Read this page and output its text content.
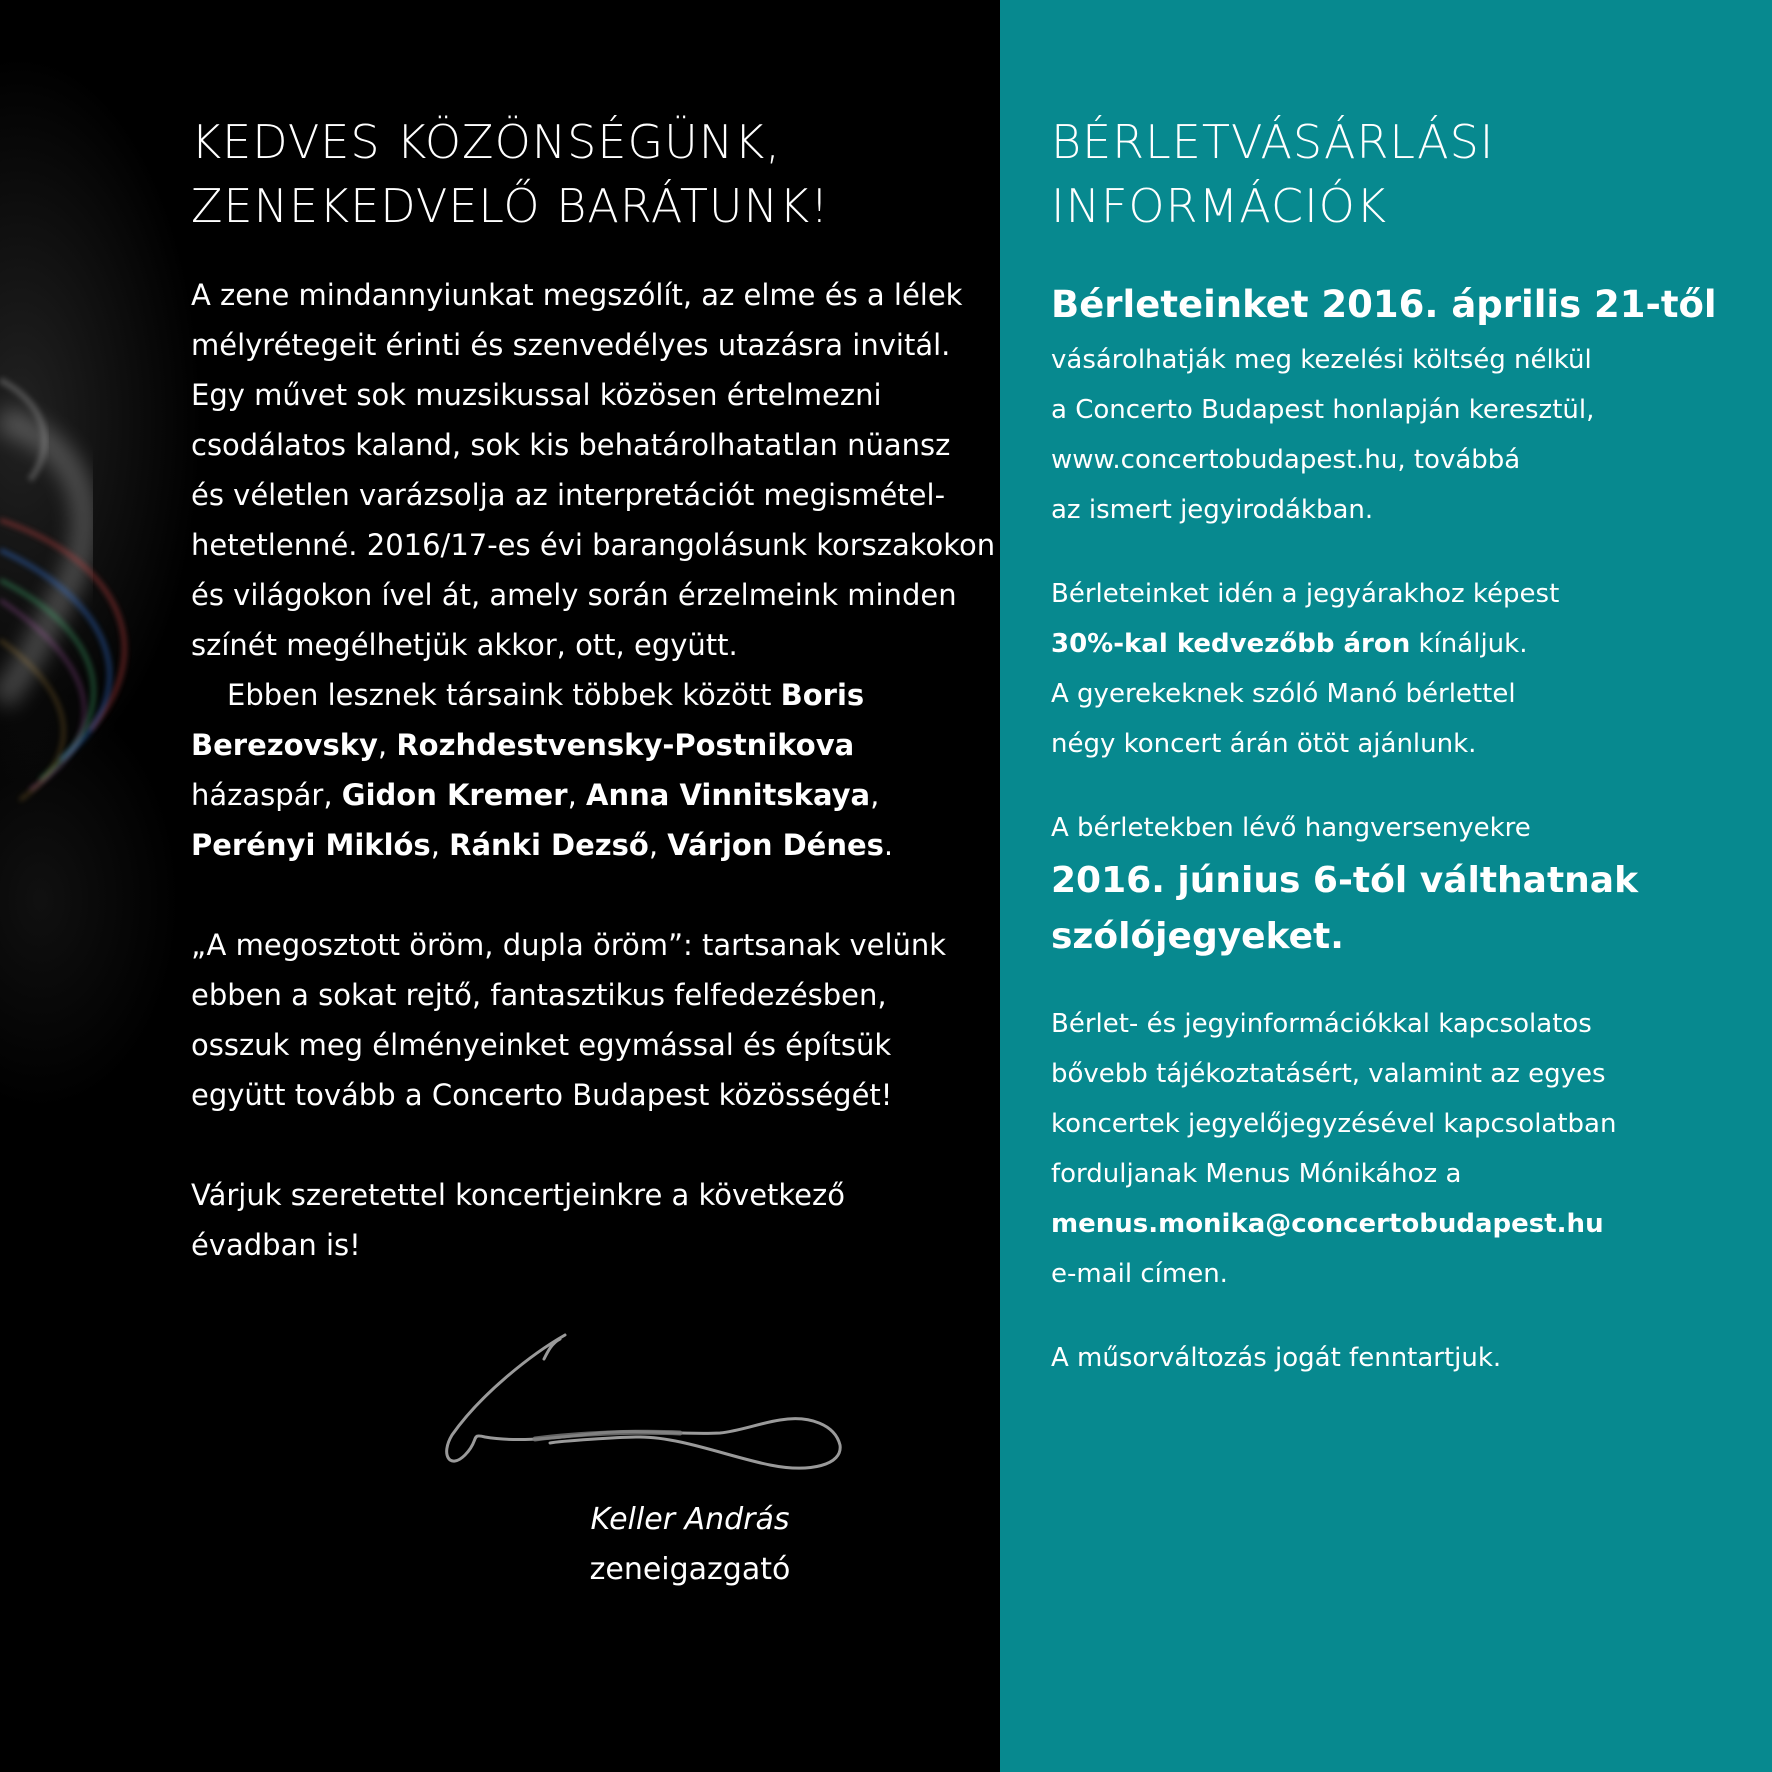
KEDVES KÖZÖNSÉGÜNK,
ZENEKEDVELŐ BARÁTUNK!

A zene mindannyiunkat megszólít, az elme és a lélek
mélyrétegeit érinti és szenvedélyes utazásra invitál.
Egy művet sok muzsikussal közösen értelmezni
csodálatos kaland, sok kis behatárolhatatlan nüansz
és véletlen varázsolja az interpretációt megismétel-
hetetlenné. 2016/17-es évi barangolásunk korszakokon
és világokon ível át, amely során érzelmeink minden
színét megélhetjük akkor, ott, együtt.

Ebben lesznek társaink többek között Boris
Berezovsky, Rozhdestvensky-Postnikova
házaspár, Gidon Kremer, Anna Vinnitskaya,
Perényi Miklós, Ránki Dezső, Várjon Dénes.

„A megosztott öröm, dupla öröm”: tartsanak velünk
ebben a sokat rejtő, fantasztikus felfedezésben,
osszuk meg élményeinket egymással és építsük
együtt tovább a Concerto Budapest közösségét!

Várjuk szeretettel koncertjeinkre a következő
évadban is!

Keller András
zeneigazgató
BÉRLETVÁSÁRLÁSI
INFORMÁCIÓK
Bérleteinket 2016. április 21-től
vásárolhatják meg kezelési költség nélkül
a Concerto Budapest honlapján keresztül,
www.concertobudapest.hu, továbbá
az ismert jegyirodákban.
Bérleteinket idén a jegyárakhoz képest
30%-kal kedvezőbb áron kínáljuk.
A gyerekeknek szóló Manó bérlettel
négy koncert árán ötöt ajánlunk.
A bérletekben lévő hangversenyekre
2016. június 6-tól válthatnak
szólójegyeket.
Bérlet- és jegyinformációkkal kapcsolatos
bővebb tájékoztatásért, valamint az egyes
koncertek jegyelőjegyzésével kapcsolatban
forduljanak Menus Mónikához a
menus.monika@concertobudapest.hu
e-mail címen.
A műsorváltozás jogát fenntartjuk.
